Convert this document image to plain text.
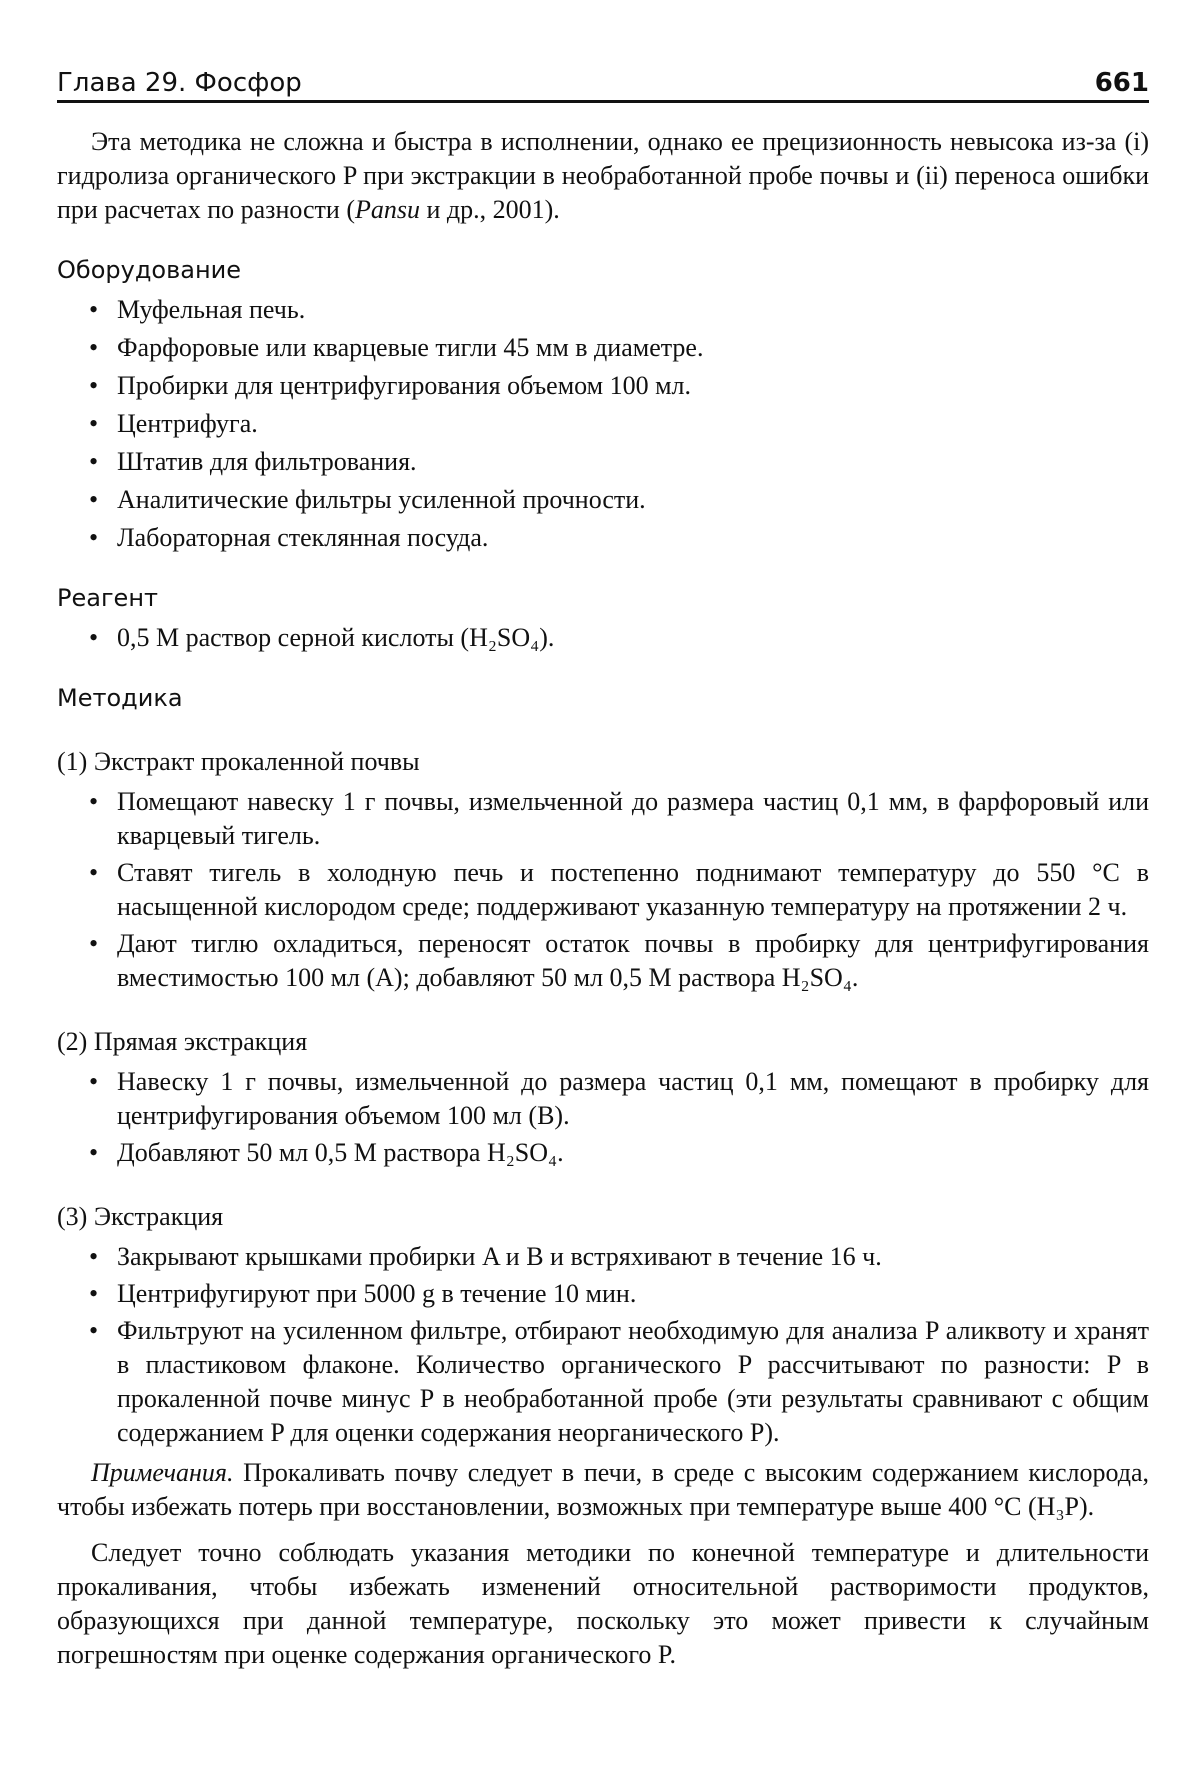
Глава 29. Фосфор	661

Эта методика не сложна и быстра в исполнении, однако ее прецизионность невысока из-за (i) гидролиза органического P при экстракции в необработанной пробе почвы и (ii) переноса ошибки при расчетах по разности (Pansu и др., 2001).

Оборудование
• Муфельная печь.
• Фарфоровые или кварцевые тигли 45 мм в диаметре.
• Пробирки для центрифугирования объемом 100 мл.
• Центрифуга.
• Штатив для фильтрования.
• Аналитические фильтры усиленной прочности.
• Лабораторная стеклянная посуда.
Реагент
• 0,5 M раствор серной кислоты (H₂SO₄).
Методика
(1) Экстракт прокаленной почвы
• Помещают навеску 1 г почвы, измельченной до размера частиц 0,1 мм, в фарфоровый или кварцевый тигель.
• Ставят тигель в холодную печь и постепенно поднимают температуру до 550 °C в насыщенной кислородом среде; поддерживают указанную температуру на протяжении 2 ч.
• Дают тиглю охладиться, переносят остаток почвы в пробирку для центрифугирования вместимостью 100 мл (A); добавляют 50 мл 0,5 M раствора H₂SO₄.
(2) Прямая экстракция
• Навеску 1 г почвы, измельченной до размера частиц 0,1 мм, помещают в пробирку для центрифугирования объемом 100 мл (B).
• Добавляют 50 мл 0,5 M раствора H₂SO₄.
(3) Экстракция
• Закрывают крышками пробирки A и B и встряхивают в течение 16 ч.
• Центрифугируют при 5000 g в течение 10 мин.
• Фильтруют на усиленном фильтре, отбирают необходимую для анализа P аликвоту и хранят в пластиковом флаконе. Количество органического P рассчитывают по разности: P в прокаленной почве минус P в необработанной пробе (эти результаты сравнивают с общим содержанием P для оценки содержания неорганического P).

Примечания. Прокаливать почву следует в печи, в среде с высоким содержанием кислорода, чтобы избежать потерь при восстановлении, возможных при температуре выше 400 °C (H₃P).

Следует точно соблюдать указания методики по конечной температуре и длительности прокаливания, чтобы избежать изменений относительной растворимости продуктов, образующихся при данной температуре, поскольку это может привести к случайным погрешностям при оценке содержания органического P.
